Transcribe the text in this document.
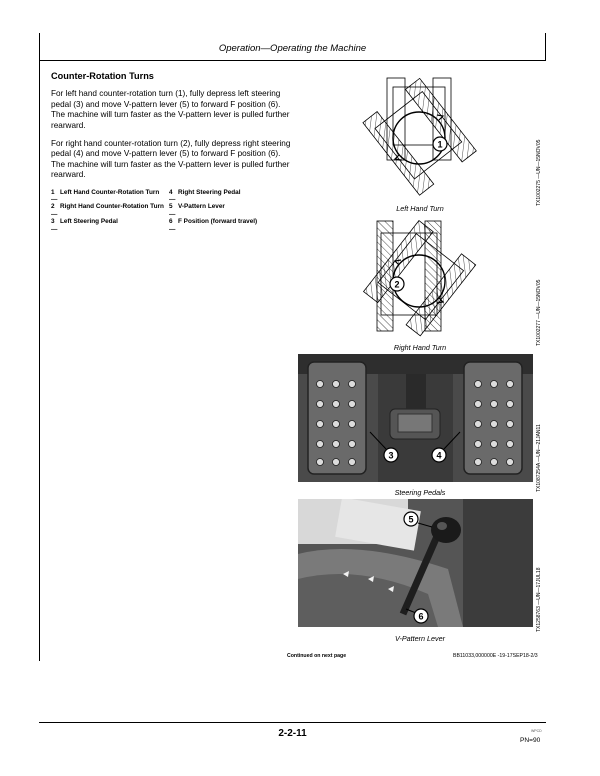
Operation—Operating the Machine

Counter-Rotation Turns

For left hand counter-rotation turn (1), fully depress left steering pedal (3) and move V-pattern lever (5) to forward F position (6). The machine will turn faster as the V-pattern lever is pulled further rearward.

For right hand counter-rotation turn (2), fully depress right steering pedal (4) and move V-pattern lever (5) to forward F position (6). The machine will turn faster as the V-pattern lever is pulled further rearward.

1—
Left Hand Counter-Rotation Turn
2—
Right Hand Counter-Rotation Turn
3—
Left Steering Pedal
4—
Right Steering Pedal
5—
V-Pattern Lever
6—
F Position (forward travel)
1
Left Hand Turn
TX1002275 —UN—15NOV05
2
Right Hand Turn
TX1002277 —UN—15NOV05
3	4
Steering Pedals
TX1087254A —UN—21JAN11
5
6
V-Pattern Lever
TX1258763 —UN—17JUL18
Continued on next page	BB11033,000000E -19-17SEP18-2/3
2-2-11	WPCD
PN=90
